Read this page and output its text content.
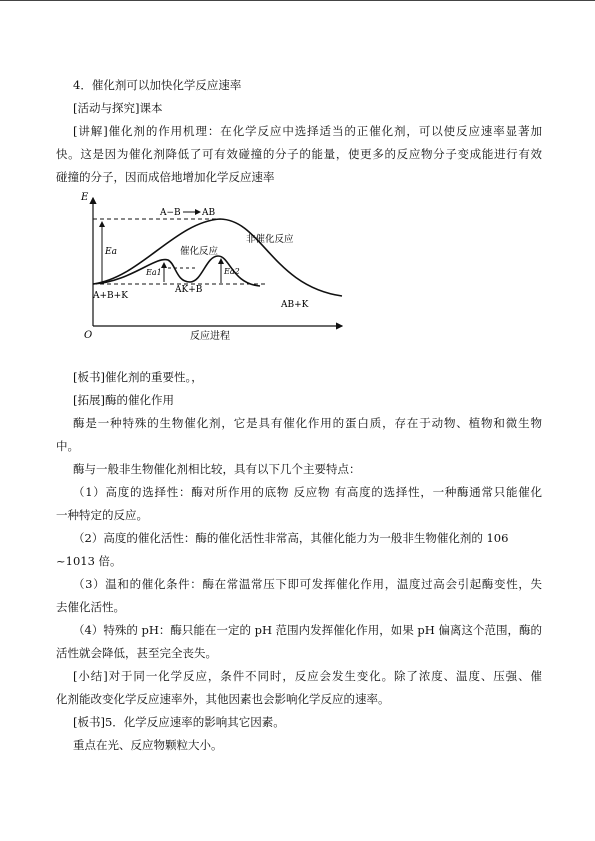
4．催化剂可以加快化学反应速率
[活动与探究]课本
[讲解]催化剂的作用机理：在化学反应中选择适当的正催化剂，可以使反应速率显著加
快。这是因为催化剂降低了可有效碰撞的分子的能量，使更多的反应物分子变成能进行有效
碰撞的分子，因而成倍地增加化学反应速率
[板书]催化剂的重要性。，
[拓展]酶的催化作用
酶是一种特殊的生物催化剂，它是具有催化作用的蛋白质，存在于动物、植物和微生物
中。
酶与一般非生物催化剂相比较，具有以下几个主要特点：
（1）高度的选择性：酶对所作用的底物 反应物 有高度的选择性，一种酶通常只能催化
一种特定的反应。
（2）高度的催化活性：酶的催化活性非常高，其催化能力为一般非生物催化剂的 106
~1013 倍。
（3）温和的催化条件：酶在常温常压下即可发挥催化作用，温度过高会引起酶变性，失
去催化活性。
（4）特殊的 pH：酶只能在一定的 pH 范围内发挥催化作用，如果 pH 偏离这个范围，酶的
活性就会降低，甚至完全丧失。
[小结]对于同一化学反应，条件不同时，反应会发生变化。除了浓度、温度、压强、催
化剂能改变化学反应速率外，其他因素也会影响化学反应的速率。
[板书]5．化学反应速率的影响其它因素。
重点在光、反应物颗粒大小。
E
O	反应进程
Ea
Ea1	Ea2
A−B AB
非催化反应
催化反应
A+B+K
AK+B
AB+K
